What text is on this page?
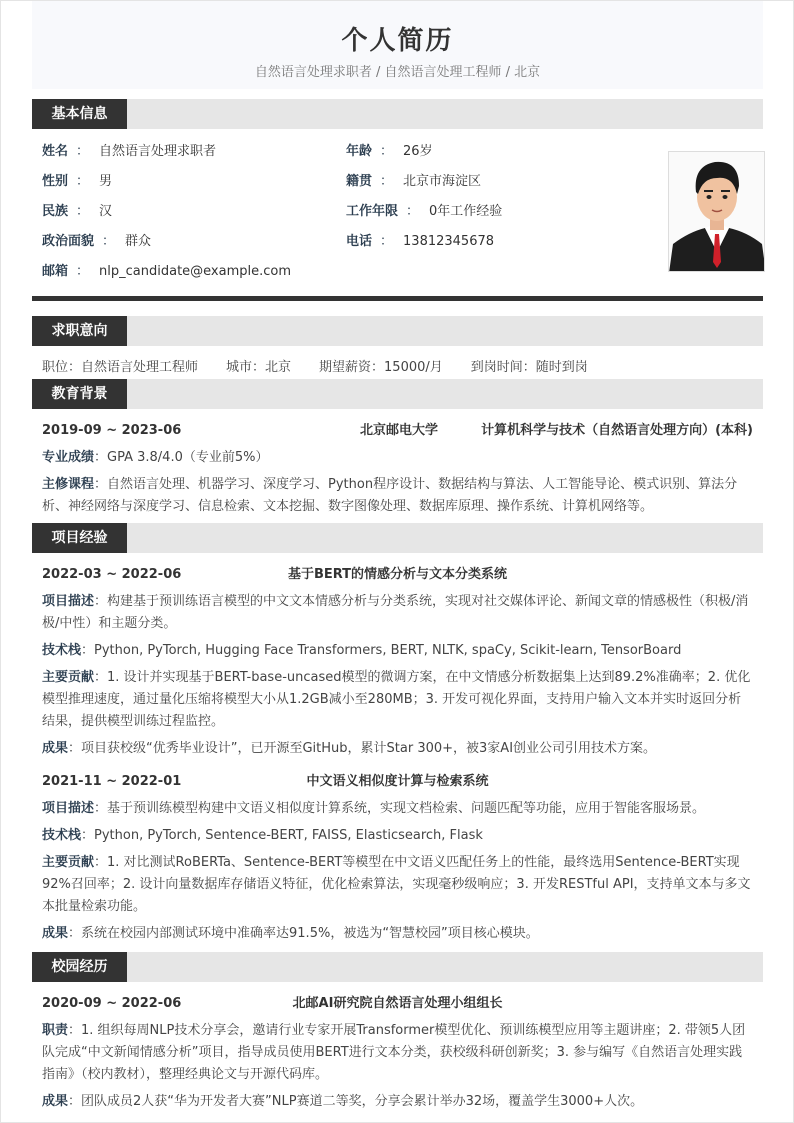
个人简历
自然语言处理求职者 / 自然语言处理工程师 / 北京
基本信息
姓名 ： 自然语言处理求职者	年龄 ： 26岁
性别 ： 男	籍贯 ： 北京市海淀区
民族 ： 汉	工作年限 ： 0年工作经验
政治面貌 ： 群众	电话 ： 13812345678
邮箱 ： nlp_candidate@example.com
求职意向
职位：自然语言处理工程师 城市：北京 期望薪资：15000/月 到岗时间：随时到岗
教育背景
2019-09 ~ 2023-06	北京邮电大学	计算机科学与技术（自然语言处理方向）(本科)
专业成绩：GPA 3.8/4.0（专业前5%）
主修课程：自然语言处理、机器学习、深度学习、Python程序设计、数据结构与算法、人工智能导论、模式识别、算法分析、神经网络与深度学习、信息检索、文本挖掘、数字图像处理、数据库原理、操作系统、计算机网络等。
项目经验
2022-03 ~ 2022-06	基于BERT的情感分析与文本分类系统
项目描述：构建基于预训练语言模型的中文文本情感分析与分类系统，实现对社交媒体评论、新闻文章的情感极性（积极/消极/中性）和主题分类。
技术栈：Python, PyTorch, Hugging Face Transformers, BERT, NLTK, spaCy, Scikit-learn, TensorBoard
主要贡献：1. 设计并实现基于BERT-base-uncased模型的微调方案，在中文情感分析数据集上达到89.2%准确率；2. 优化模型推理速度，通过量化压缩将模型大小从1.2GB减小至280MB；3. 开发可视化界面，支持用户输入文本并实时返回分析结果，提供模型训练过程监控。
成果：项目获校级“优秀毕业设计”，已开源至GitHub，累计Star 300+，被3家AI创业公司引用技术方案。
2021-11 ~ 2022-01	中文语义相似度计算与检索系统
项目描述：基于预训练模型构建中文语义相似度计算系统，实现文档检索、问题匹配等功能，应用于智能客服场景。
技术栈：Python, PyTorch, Sentence-BERT, FAISS, Elasticsearch, Flask
主要贡献：1. 对比测试RoBERTa、Sentence-BERT等模型在中文语义匹配任务上的性能，最终选用Sentence-BERT实现92%召回率；2. 设计向量数据库存储语义特征，优化检索算法，实现毫秒级响应；3. 开发RESTful API，支持单文本与多文本批量检索功能。
成果：系统在校园内部测试环境中准确率达91.5%，被选为“智慧校园”项目核心模块。
校园经历
2020-09 ~ 2022-06	北邮AI研究院自然语言处理小组组长
职责：1. 组织每周NLP技术分享会，邀请行业专家开展Transformer模型优化、预训练模型应用等主题讲座；2. 带领5人团队完成“中文新闻情感分析”项目，指导成员使用BERT进行文本分类，获校级科研创新奖；3. 参与编写《自然语言处理实践指南》（校内教材），整理经典论文与开源代码库。
成果：团队成员2人获“华为开发者大赛”NLP赛道二等奖，分享会累计举办32场，覆盖学生3000+人次。
